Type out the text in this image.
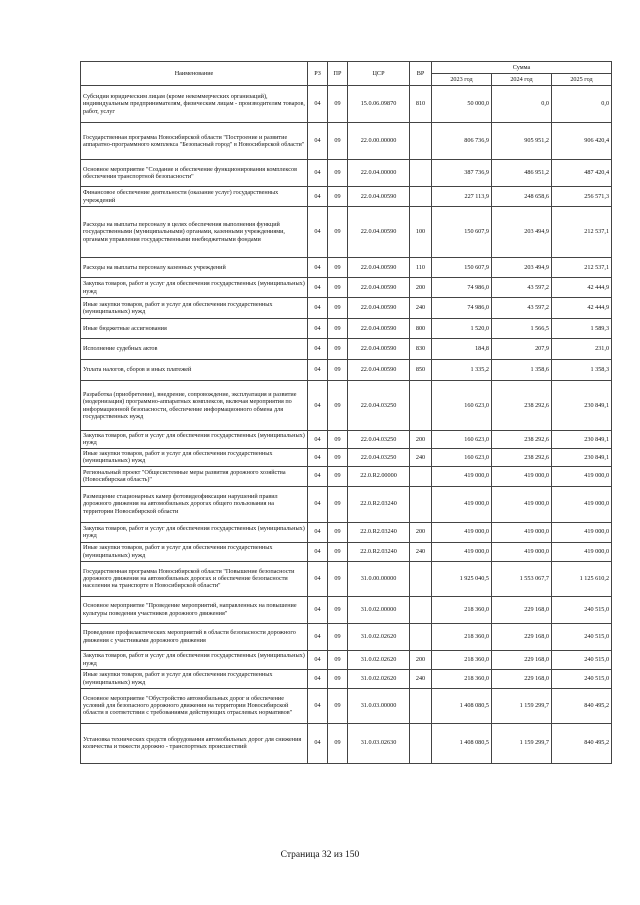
Наименование	РЗ	ПР	ЦСР	ВР	Сумма		
					2023 год	2024 год	2025 год
Субсидии юридическим лицам (кроме некоммерческих организаций), индивидуальным предпринимателям, физическим лицам - производителям товаров, работ, услуг	04	09	15.0.06.09870	810	50 000,0	0,0	0,0
Государственная программа Новосибирской области "Построение и развитие аппаратно-программного комплекса "Безопасный город" в Новосибирской области"	04	09	22.0.00.00000		806 736,9	905 951,2	906 420,4
Основное мероприятие "Создание и обеспечение функционирования комплексов обеспечения транспортной безопасности"	04	09	22.0.04.00000		387 736,9	486 951,2	487 420,4
Финансовое обеспечение деятельности (оказание услуг) государственных учреждений	04	09	22.0.04.00590		227 113,9	248 658,6	256 571,3
Расходы на выплаты персоналу в целях обеспечения выполнения функций государственными (муниципальными) органами, казенными учреждениями, органами управления государственными внебюджетными фондами	04	09	22.0.04.00590	100	150 607,9	203 494,9	212 537,1
Расходы на выплаты персоналу казенных учреждений	04	09	22.0.04.00590	110	150 607,9	203 494,9	212 537,1
Закупка товаров, работ и услуг для обеспечения государственных (муниципальных) нужд	04	09	22.0.04.00590	200	74 986,0	43 597,2	42 444,9
Иные закупки товаров, работ и услуг для обеспечения государственных (муниципальных) нужд	04	09	22.0.04.00590	240	74 986,0	43 597,2	42 444,9
Иные бюджетные ассигнования	04	09	22.0.04.00590	800	1 520,0	1 566,5	1 589,3
Исполнение судебных актов	04	09	22.0.04.00590	830	184,8	207,9	231,0
Уплата налогов, сборов и иных платежей	04	09	22.0.04.00590	850	1 335,2	1 358,6	1 358,3
Разработка (приобретение), внедрение, сопровождение, эксплуатация и развитие (модернизация) программно-аппаратных комплексов, включая мероприятия по информационной безопасности, обеспечение информационного обмена для государственных нужд	04	09	22.0.04.03250		160 623,0	238 292,6	230 849,1
Закупка товаров, работ и услуг для обеспечения государственных (муниципальных) нужд	04	09	22.0.04.03250	200	160 623,0	238 292,6	230 849,1
Иные закупки товаров, работ и услуг для обеспечения государственных (муниципальных) нужд	04	09	22.0.04.03250	240	160 623,0	238 292,6	230 849,1
Региональный проект "Общесистемные меры развития дорожного хозяйства (Новосибирская область)"	04	09	22.0.R2.00000		419 000,0	419 000,0	419 000,0
Размещение стационарных камер фотовидеофиксации нарушений правил дорожного движения на автомобильных дорогах общего пользования на территории Новосибирской области	04	09	22.0.R2.03240		419 000,0	419 000,0	419 000,0
Закупка товаров, работ и услуг для обеспечения государственных (муниципальных) нужд	04	09	22.0.R2.03240	200	419 000,0	419 000,0	419 000,0
Иные закупки товаров, работ и услуг для обеспечения государственных (муниципальных) нужд	04	09	22.0.R2.03240	240	419 000,0	419 000,0	419 000,0
Государственная программа Новосибирской области "Повышение безопасности дорожного движения на автомобильных дорогах и обеспечение безопасности населения на транспорте в Новосибирской области"	04	09	31.0.00.00000		1 925 040,5	1 553 067,7	1 125 610,2
Основное мероприятие "Проведение мероприятий, направленных на повышение культуры поведения участников дорожного движения"	04	09	31.0.02.00000		218 360,0	229 168,0	240 515,0
Проведение профилактических мероприятий в области безопасности дорожного движения с участниками дорожного движения	04	09	31.0.02.02620		218 360,0	229 168,0	240 515,0
Закупка товаров, работ и услуг для обеспечения государственных (муниципальных) нужд	04	09	31.0.02.02620	200	218 360,0	229 168,0	240 515,0
Иные закупки товаров, работ и услуг для обеспечения государственных (муниципальных) нужд	04	09	31.0.02.02620	240	218 360,0	229 168,0	240 515,0
Основное мероприятие "Обустройство автомобильных дорог и обеспечение условий для безопасного дорожного движения на территории Новосибирской области в соответствии с требованиями действующих отраслевых нормативов"	04	09	31.0.03.00000		1 408 080,5	1 159 299,7	840 495,2
Установка технических средств оборудования автомобильных дорог для снижения количества и тяжести дорожно - транспортных происшествий	04	09	31.0.03.02630		1 408 080,5	1 159 299,7	840 495,2
Страница 32 из 150
